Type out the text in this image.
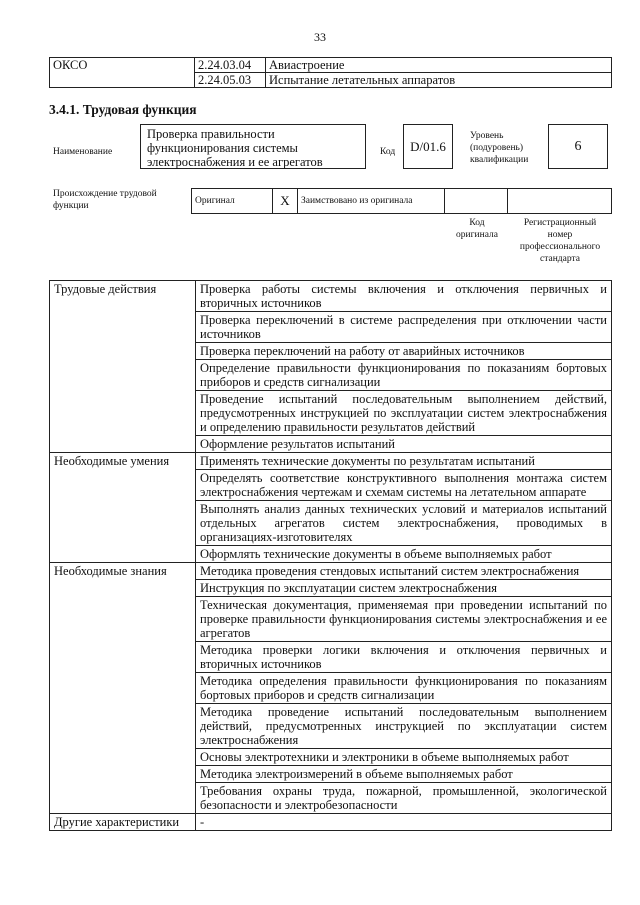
33
ОКСО	2.24.03.04	Авиастроение
	2.24.05.03	Испытание летательных аппаратов
3.4.1. Трудовая функция
Наименование
Проверка правильности
функционирования системы
электроснабжения и ее агрегатов
Код	D/01.6
Уровень
(подуровень)
квалификации
6
Происхождение трудовой
функции	Оригинал	X	Заимствовано из оригинала		
Код
оригинала
Регистрационный
номер
профессионального
стандарта
Трудовые действия	Проверка работы системы включения и отключения первичных и вторичных источников
	Проверка переключений в системе распределения при отключении части источников
	Проверка переключений на работу от аварийных источников
	Определение правильности функционирования по показаниям бортовых приборов и средств сигнализации
	Проведение испытаний последовательным выполнением действий, предусмотренных инструкцией по эксплуатации систем электроснабжения и определению правильности результатов действий
	Оформление результатов испытаний
Необходимые умения	Применять технические документы по результатам испытаний
	Определять соответствие конструктивного выполнения монтажа систем электроснабжения чертежам и схемам системы на летательном аппарате
	Выполнять анализ данных технических условий и материалов испытаний отдельных агрегатов систем электроснабжения, проводимых в организациях-изготовителях
	Оформлять технические документы в объеме выполняемых работ
Необходимые знания	Методика проведения стендовых испытаний систем электроснабжения
	Инструкция по эксплуатации систем электроснабжения
	Техническая документация, применяемая при проведении испытаний по проверке правильности функционирования системы электроснабжения и ее агрегатов
	Методика проверки логики включения и отключения первичных и вторичных источников
	Методика определения правильности функционирования по показаниям бортовых приборов и средств сигнализации
	Методика проведение испытаний последовательным выполнением действий, предусмотренных инструкцией по эксплуатации систем электроснабжения
	Основы электротехники и электроники в объеме выполняемых работ
	Методика электроизмерений в объеме выполняемых работ
	Требования охраны труда, пожарной, промышленной, экологической безопасности и электробезопасности
Другие характеристики	-
